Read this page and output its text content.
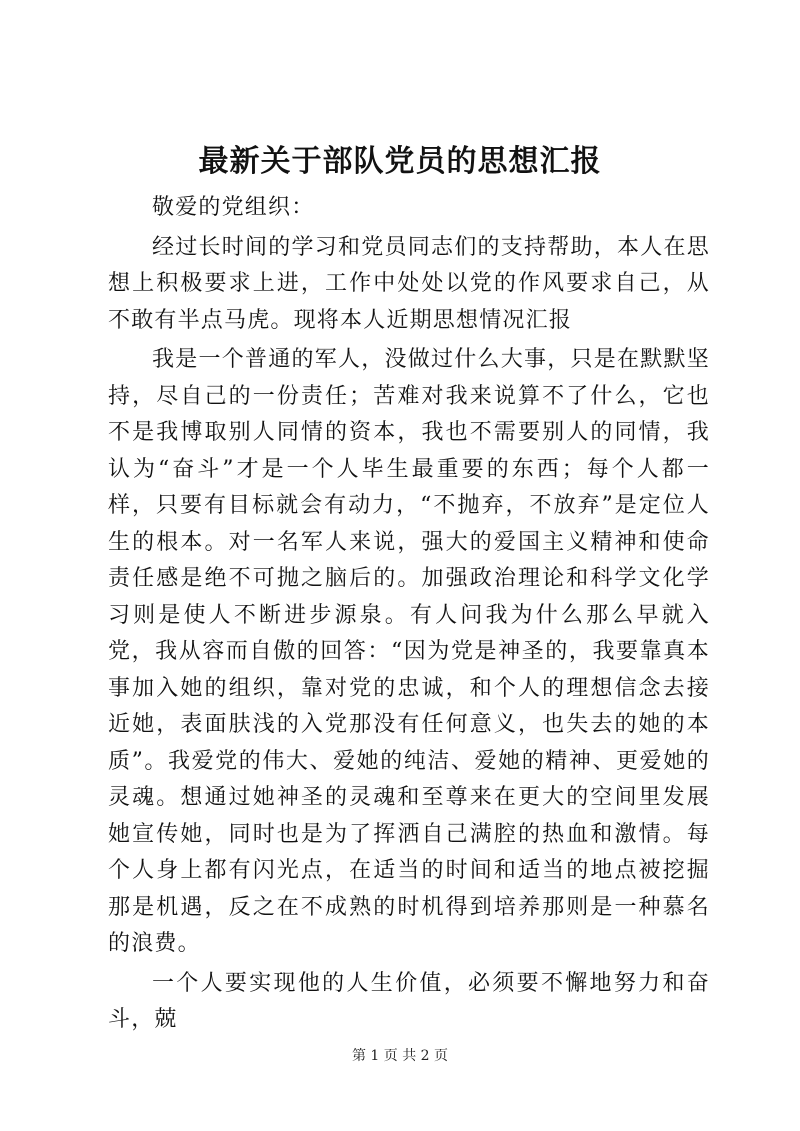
最新关于部队党员的思想汇报

敬爱的党组织：

经过长时间的学习和党员同志们的支持帮助，本人在思想上积极要求上进，工作中处处以党的作风要求自己，从不敢有半点马虎。现将本人近期思想情况汇报

我是一个普通的军人，没做过什么大事，只是在默默坚持，尽自己的一份责任；苦难对我来说算不了什么，它也不是我博取别人同情的资本，我也不需要别人的同情，我认为“奋斗”才是一个人毕生最重要的东西；每个人都一样，只要有目标就会有动力，“不抛弃，不放弃”是定位人生的根本。对一名军人来说，强大的爱国主义精神和使命责任感是绝不可抛之脑后的。加强政治理论和科学文化学习则是使人不断进步源泉。有人问我为什么那么早就入党，我从容而自傲的回答：“因为党是神圣的，我要靠真本事加入她的组织，靠对党的忠诚，和个人的理想信念去接近她，表面肤浅的入党那没有任何意义，也失去的她的本质”。我爱党的伟大、爱她的纯洁、爱她的精神、更爱她的灵魂。想通过她神圣的灵魂和至尊来在更大的空间里发展她宣传她，同时也是为了挥洒自己满腔的热血和激情。每个人身上都有闪光点，在适当的时间和适当的地点被挖掘那是机遇，反之在不成熟的时机得到培养那则是一种慕名的浪费。

一个人要实现他的人生价值，必须要不懈地努力和奋斗，兢

第 1 页 共 2 页
